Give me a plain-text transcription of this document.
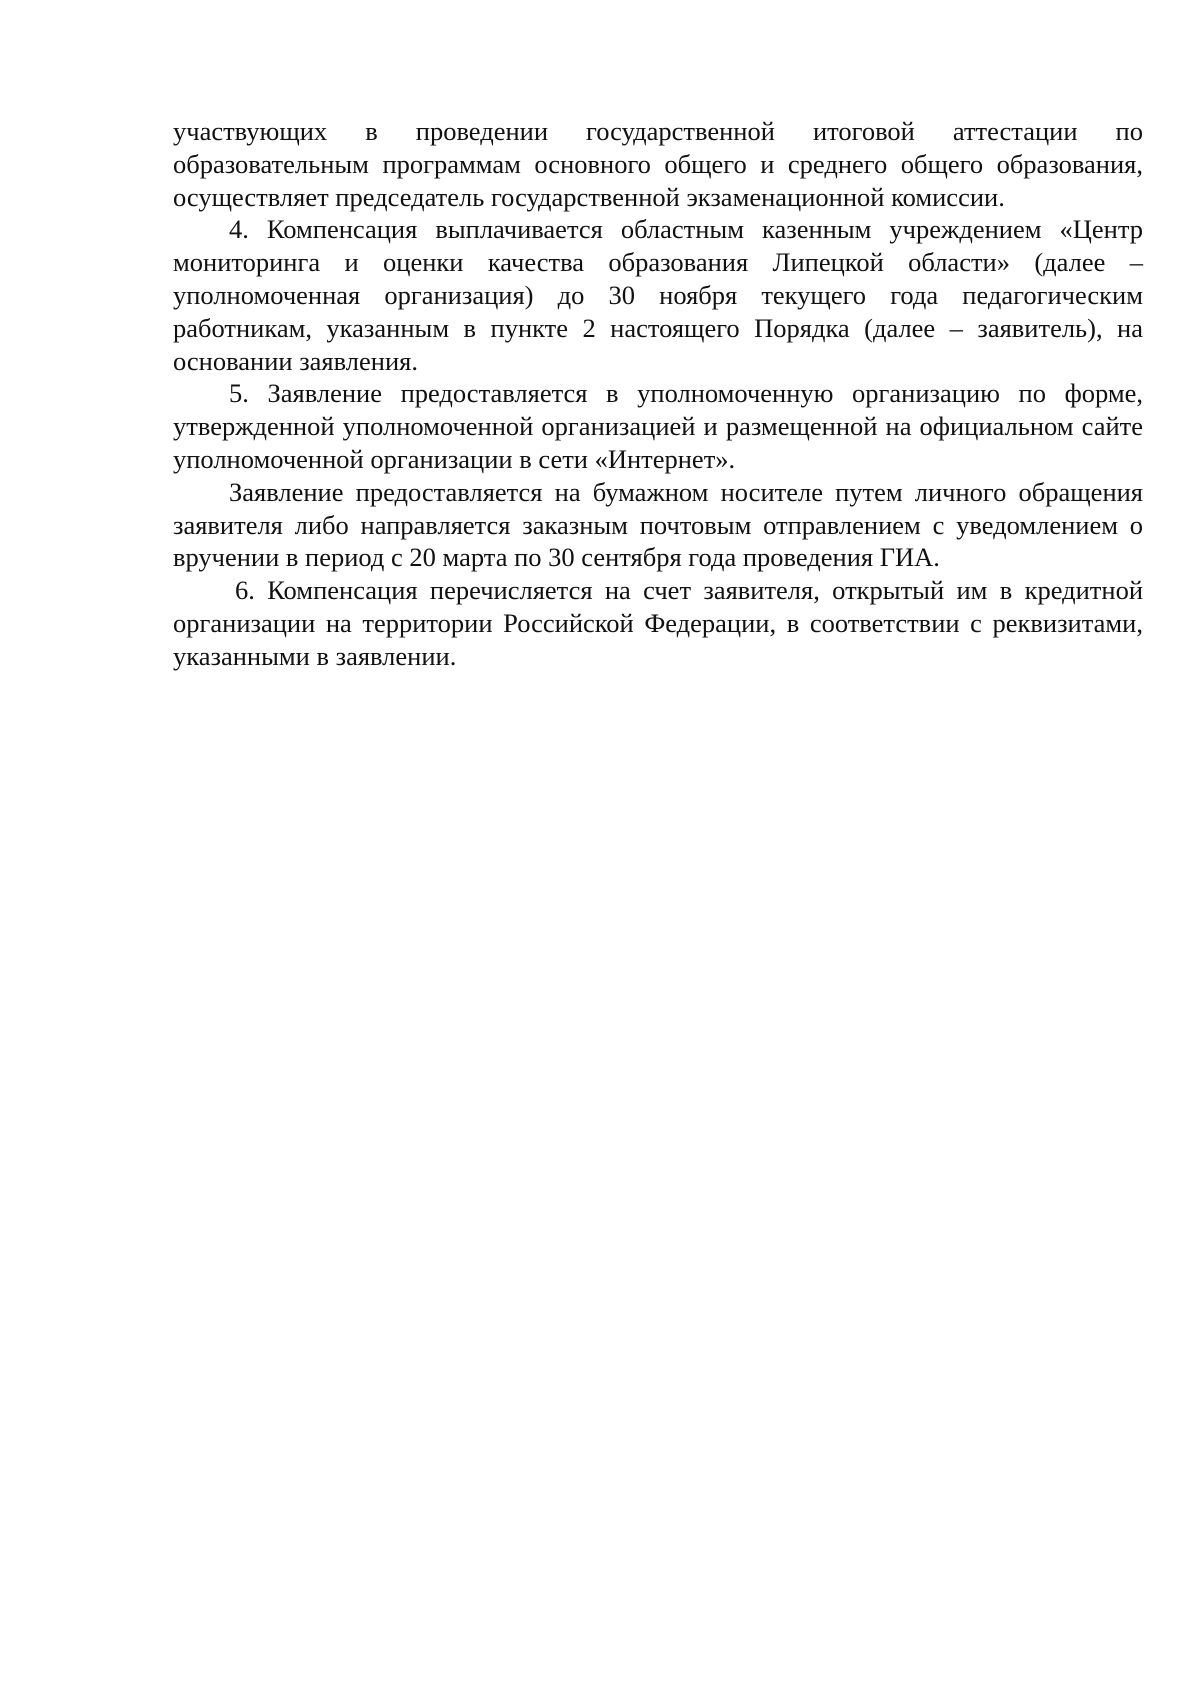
участвующих в проведении государственной итоговой аттестации по образовательным программам основного общего и среднего общего образования, осуществляет председатель государственной экзаменационной комиссии.

4. Компенсация выплачивается областным казенным учреждением «Центр мониторинга и оценки качества образования Липецкой области» (далее – уполномоченная организация) до 30 ноября текущего года педагогическим работникам, указанным в пункте 2 настоящего Порядка (далее – заявитель), на основании заявления.

5. Заявление предоставляется в уполномоченную организацию по форме, утвержденной уполномоченной организацией и размещенной на официальном сайте уполномоченной организации в сети «Интернет».

Заявление предоставляется на бумажном носителе путем личного обращения заявителя либо направляется заказным почтовым отправлением с уведомлением о вручении в период с 20 марта по 30 сентября года проведения ГИА.

6. Компенсация перечисляется на счет заявителя, открытый им в кредитной организации на территории Российской Федерации, в соответствии с реквизитами, указанными в заявлении.
